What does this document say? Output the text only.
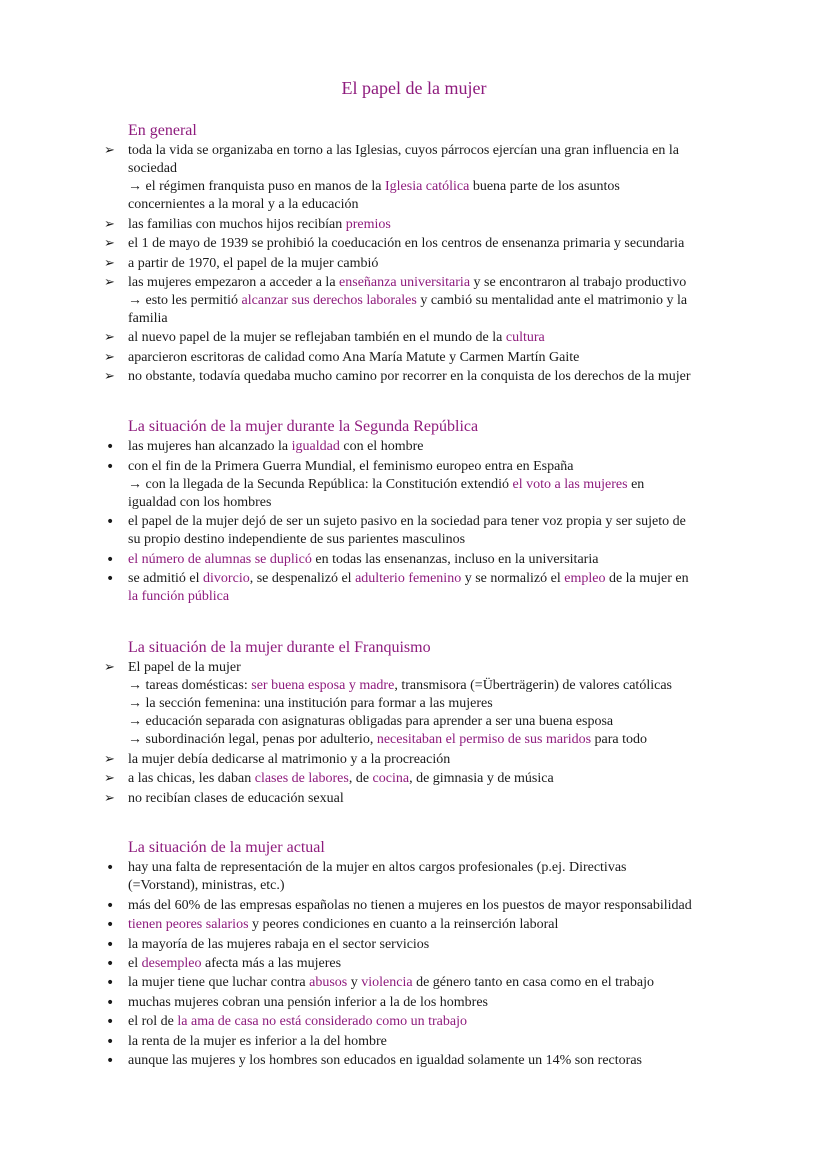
El papel de la mujer
En general
➢ toda la vida se organizaba en torno a las Iglesias, cuyos párrocos ejercían una gran influencia en la
sociedad
→ el régimen franquista puso en manos de la Iglesia católica buena parte de los asuntos
concernientes a la moral y a la educación
➢ las familias con muchos hijos recibían premios
➢ el 1 de mayo de 1939 se prohibió la coeducación en los centros de ensenanza primaria y secundaria
➢ a partir de 1970, el papel de la mujer cambió
➢ las mujeres empezaron a acceder a la enseñanza universitaria y se encontraron al trabajo productivo
→ esto les permitió alcanzar sus derechos laborales y cambió su mentalidad ante el matrimonio y la
familia
➢ al nuevo papel de la mujer se reflejaban también en el mundo de la cultura
➢ aparcieron escritoras de calidad como Ana María Matute y Carmen Martín Gaite
➢ no obstante, todavía quedaba mucho camino por recorrer en la conquista de los derechos de la mujer
La situación de la mujer durante la Segunda República
• las mujeres han alcanzado la igualdad con el hombre
• con el fin de la Primera Guerra Mundial, el feminismo europeo entra en España
→ con la llegada de la Secunda República: la Constitución extendió el voto a las mujeres en
igualdad con los hombres
• el papel de la mujer dejó de ser un sujeto pasivo en la sociedad para tener voz propia y ser sujeto de
su propio destino independiente de sus parientes masculinos
• el número de alumnas se duplicó en todas las ensenanzas, incluso en la universitaria
• se admitió el divorcio, se despenalizó el adulterio femenino y se normalizó el empleo de la mujer en
la función pública
La situación de la mujer durante el Franquismo
➢ El papel de la mujer
→ tareas domésticas: ser buena esposa y madre, transmisora (=Überträgerin) de valores católicas
→ la sección femenina: una institución para formar a las mujeres
→ educación separada con asignaturas obligadas para aprender a ser una buena esposa
→ subordinación legal, penas por adulterio, necesitaban el permiso de sus maridos para todo
➢ la mujer debía dedicarse al matrimonio y a la procreación
➢ a las chicas, les daban clases de labores, de cocina, de gimnasia y de música
➢ no recibían clases de educación sexual
La situación de la mujer actual
• hay una falta de representación de la mujer en altos cargos profesionales (p.ej. Directivas
(=Vorstand), ministras, etc.)
• más del 60% de las empresas españolas no tienen a mujeres en los puestos de mayor responsabilidad
• tienen peores salarios y peores condiciones en cuanto a la reinserción laboral
• la mayoría de las mujeres rabaja en el sector servicios
• el desempleo afecta más a las mujeres
• la mujer tiene que luchar contra abusos y violencia de género tanto en casa como en el trabajo
• muchas mujeres cobran una pensión inferior a la de los hombres
• el rol de la ama de casa no está considerado como un trabajo
• la renta de la mujer es inferior a la del hombre
• aunque las mujeres y los hombres son educados en igualdad solamente un 14% son rectoras
